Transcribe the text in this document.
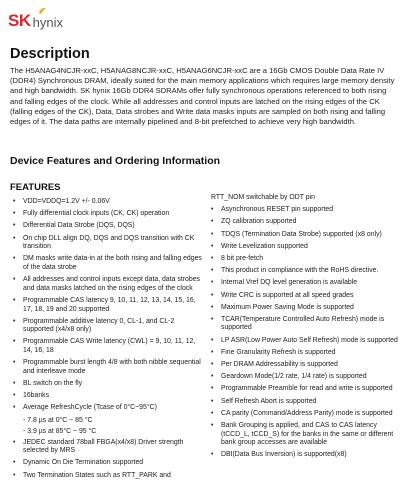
SK hynix
Description
The H5ANAG4NCJR-xxC, H5ANAG8NCJR-xxC, H5ANAG6NCJR-xxC are a 16Gb CMOS Double Data Rate IV (DDR4) Synchronous DRAM, ideally suited for the main memory applications which requires large memory density and high bandwidth. SK hynix 16Gb DDR4 SDRAMs offer fully synchronous operations referenced to both rising and falling edges of the clock. While all addresses and control inputs are latched on the rising edges of the CK (falling edges of the CK), Data, Data strobes and Write data masks inputs are sampled on both rising and falling edges of it. The data paths are internally pipelined and 8-bit prefetched to achieve very high bandwidth.
Device Features and Ordering Information
FEATURES
• VDD=VDDQ=1.2V +/- 0.06V
• Fully differential clock inputs (CK, CK) operation
• Differential Data Strobe (DQS, DQS)
• On chip DLL align DQ, DQS and DQS transition with CK transition
• DM masks write data-in at the both rising and falling edges of the data strobe
• All addresses and control inputs except data, data strobes and data masks latched on the rising edges of the clock
• Programmable CAS latency 9, 10, 11, 12, 13, 14, 15, 16, 17, 18, 19 and 20 supported
• Programmable additive latency 0, CL-1, and CL-2 supported (x4/x8 only)
• Programmable CAS Write latency (CWL) = 9, 10, 11, 12, 14, 16, 18
• Programmable burst length 4/8 with both nibble sequential and interleave mode
• BL switch on the fly
• 16banks
• Average RefreshCycle (Tcase of 0°C~95°C)
- 7.8 µs at 0°C ~ 85 °C
- 3.9 µs at 85°C ~ 95 °C
• JEDEC standard 78ball FBGA(x4/x8) Driver strength selected by MRS
• Dynamic On Die Termination supported
• Two Termination States such as RTT_PARK and
RTT_NOM switchable by ODT pin
• Asynchronous RESET pin supported
• ZQ calibration supported
• TDQS (Termination Data Strobe) supported (x8 only)
• Write Levelization supported
• 8 bit pre-fetch
• This product in compliance with the RoHS directive.
• Internal Vref DQ level generation is available
• Write CRC is supported at all speed grades
• Maximum Power Saving Mode is supported
• TCAR(Temperature Controlled Auto Refresh) mode is supported
• LP ASR(Low Power Auto Self Refresh) mode is supported
• Fine Granularity Refresh is supported
• Per DRAM Addressability is supported
• Geardown Mode(1/2 rate, 1/4 rate) is supported
• Programmable Preamble for read and write is supported
• Self Refresh Abort is supported
• CA parity (Command/Address Parity) mode is supported
• Bank Grouping is applied, and CAS to CAS latency (tCCD_L, tCCD_S) for the banks in the same or different bank group accesses are available
• DBI(Data Bus Inversion) is supported(x8)
